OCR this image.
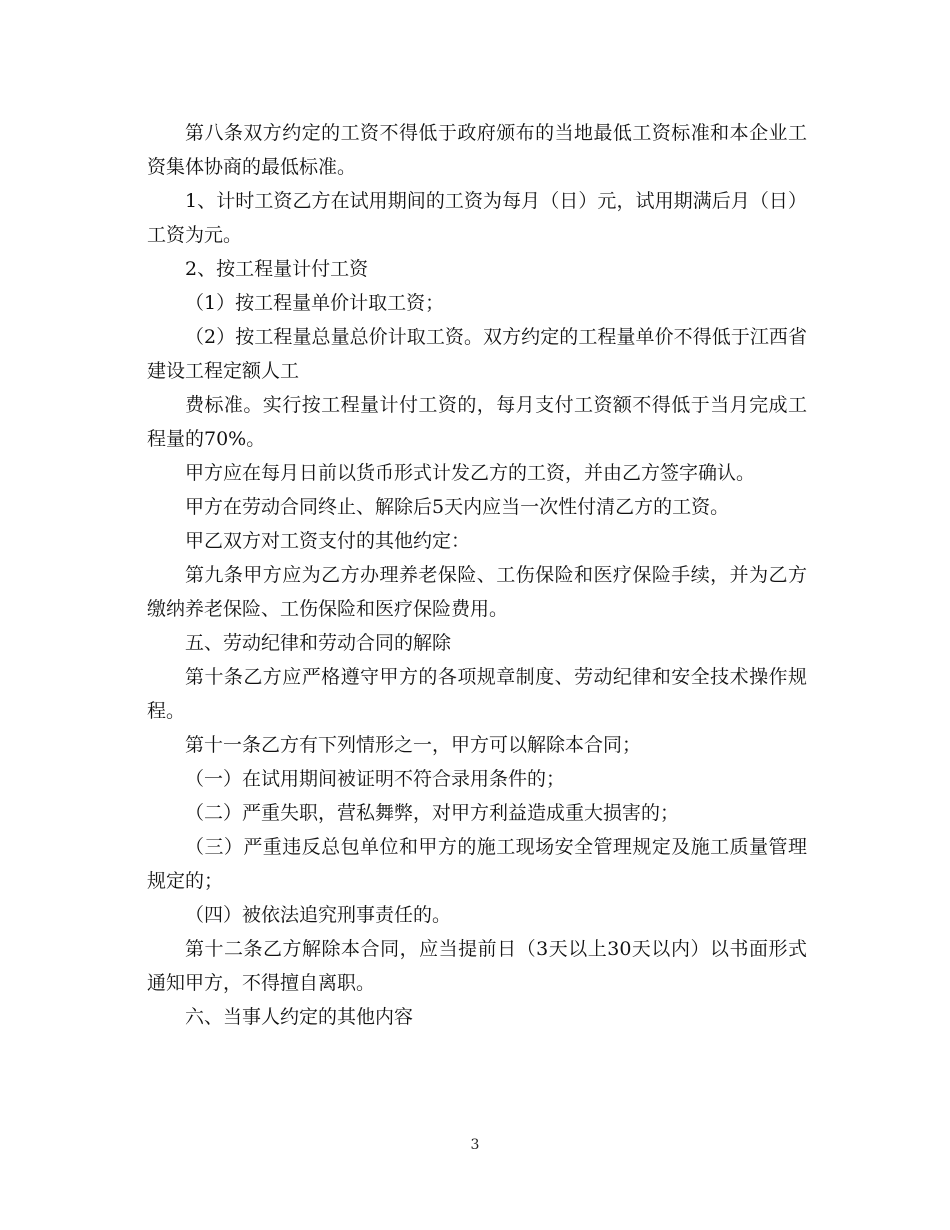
第八条双方约定的工资不得低于政府颁布的当地最低工资标准和本企业工资集体协商的最低标准。

1、计时工资乙方在试用期间的工资为每月（日）元，试用期满后月（日）工资为元。

2、按工程量计付工资

（1）按工程量单价计取工资；

（2）按工程量总量总价计取工资。双方约定的工程量单价不得低于江西省建设工程定额人工

费标准。实行按工程量计付工资的，每月支付工资额不得低于当月完成工程量的70%。

甲方应在每月日前以货币形式计发乙方的工资，并由乙方签字确认。

甲方在劳动合同终止、解除后5天内应当一次性付清乙方的工资。

甲乙双方对工资支付的其他约定：

第九条甲方应为乙方办理养老保险、工伤保险和医疗保险手续，并为乙方缴纳养老保险、工伤保险和医疗保险费用。

五、劳动纪律和劳动合同的解除

第十条乙方应严格遵守甲方的各项规章制度、劳动纪律和安全技术操作规程。

第十一条乙方有下列情形之一，甲方可以解除本合同；

（一）在试用期间被证明不符合录用条件的；

（二）严重失职，营私舞弊，对甲方利益造成重大损害的；

（三）严重违反总包单位和甲方的施工现场安全管理规定及施工质量管理规定的；

（四）被依法追究刑事责任的。

第十二条乙方解除本合同，应当提前日（3天以上30天以内）以书面形式通知甲方，不得擅自离职。

六、当事人约定的其他内容

3
